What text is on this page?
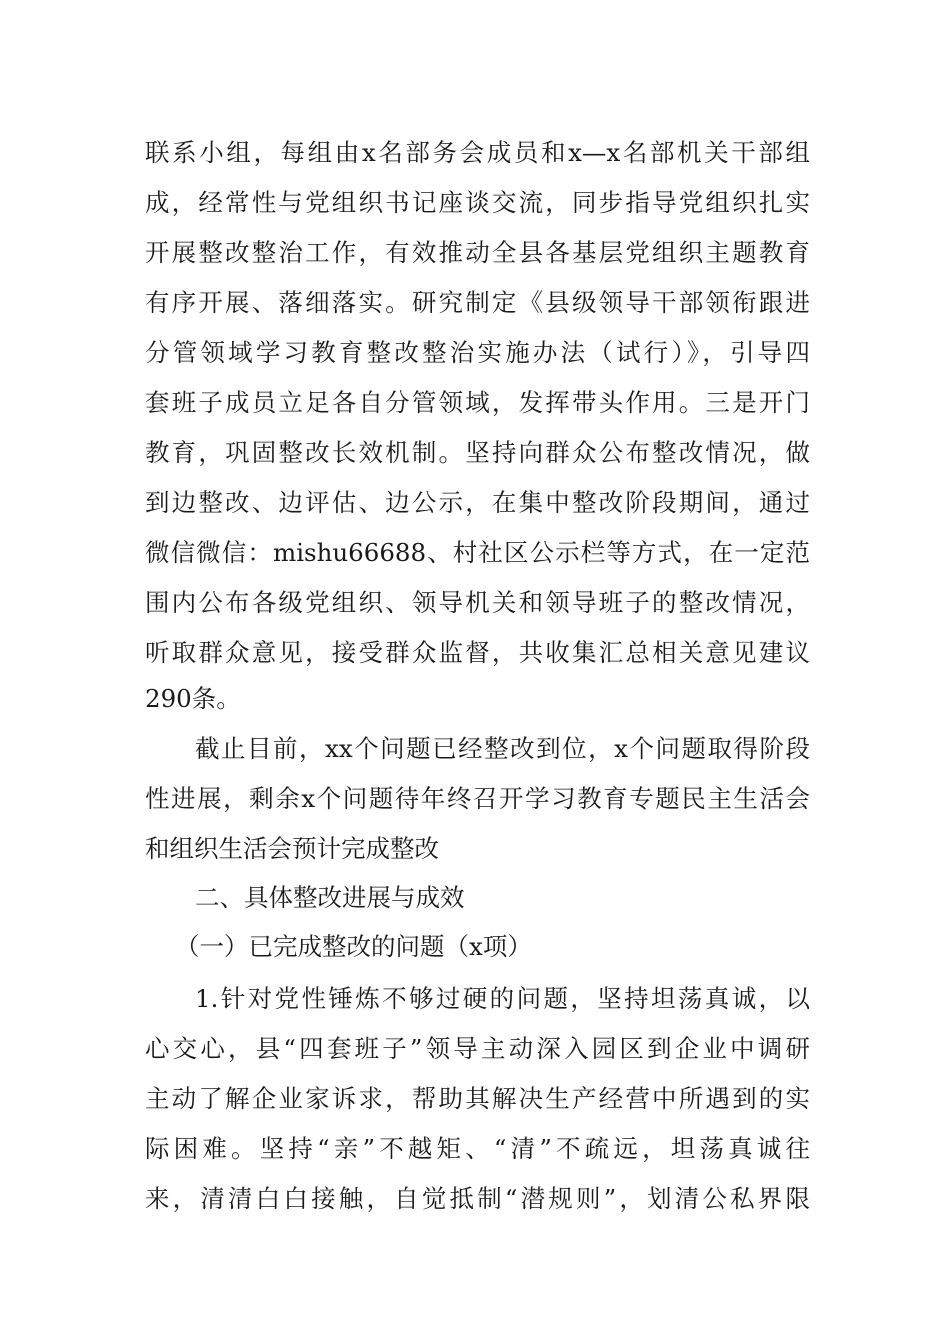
联系小组，每组由x名部务会成员和x—x名部机关干部组
成，经常性与党组织书记座谈交流，同步指导党组织扎实
开展整改整治工作，有效推动全县各基层党组织主题教育
有序开展、落细落实。研究制定《县级领导干部领衔跟进
分管领域学习教育整改整治实施办法（试行）》，引导四
套班子成员立足各自分管领域，发挥带头作用。三是开门
教育，巩固整改长效机制。坚持向群众公布整改情况，做
到边整改、边评估、边公示，在集中整改阶段期间，通过
微信微信：mishu66688、村社区公示栏等方式，在一定范
围内公布各级党组织、领导机关和领导班子的整改情况，
听取群众意见，接受群众监督，共收集汇总相关意见建议
290条。
截止目前，xx个问题已经整改到位，x个问题取得阶段
性进展，剩余x个问题待年终召开学习教育专题民主生活会
和组织生活会预计完成整改
二、具体整改进展与成效
（一）已完成整改的问题（x项）
1.针对党性锤炼不够过硬的问题，坚持坦荡真诚，以
心交心，县“四套班子”领导主动深入园区到企业中调研
主动了解企业家诉求，帮助其解决生产经营中所遇到的实
际困难。坚持“亲”不越矩、“清”不疏远，坦荡真诚往
来，清清白白接触，自觉抵制“潜规则”，划清公私界限
